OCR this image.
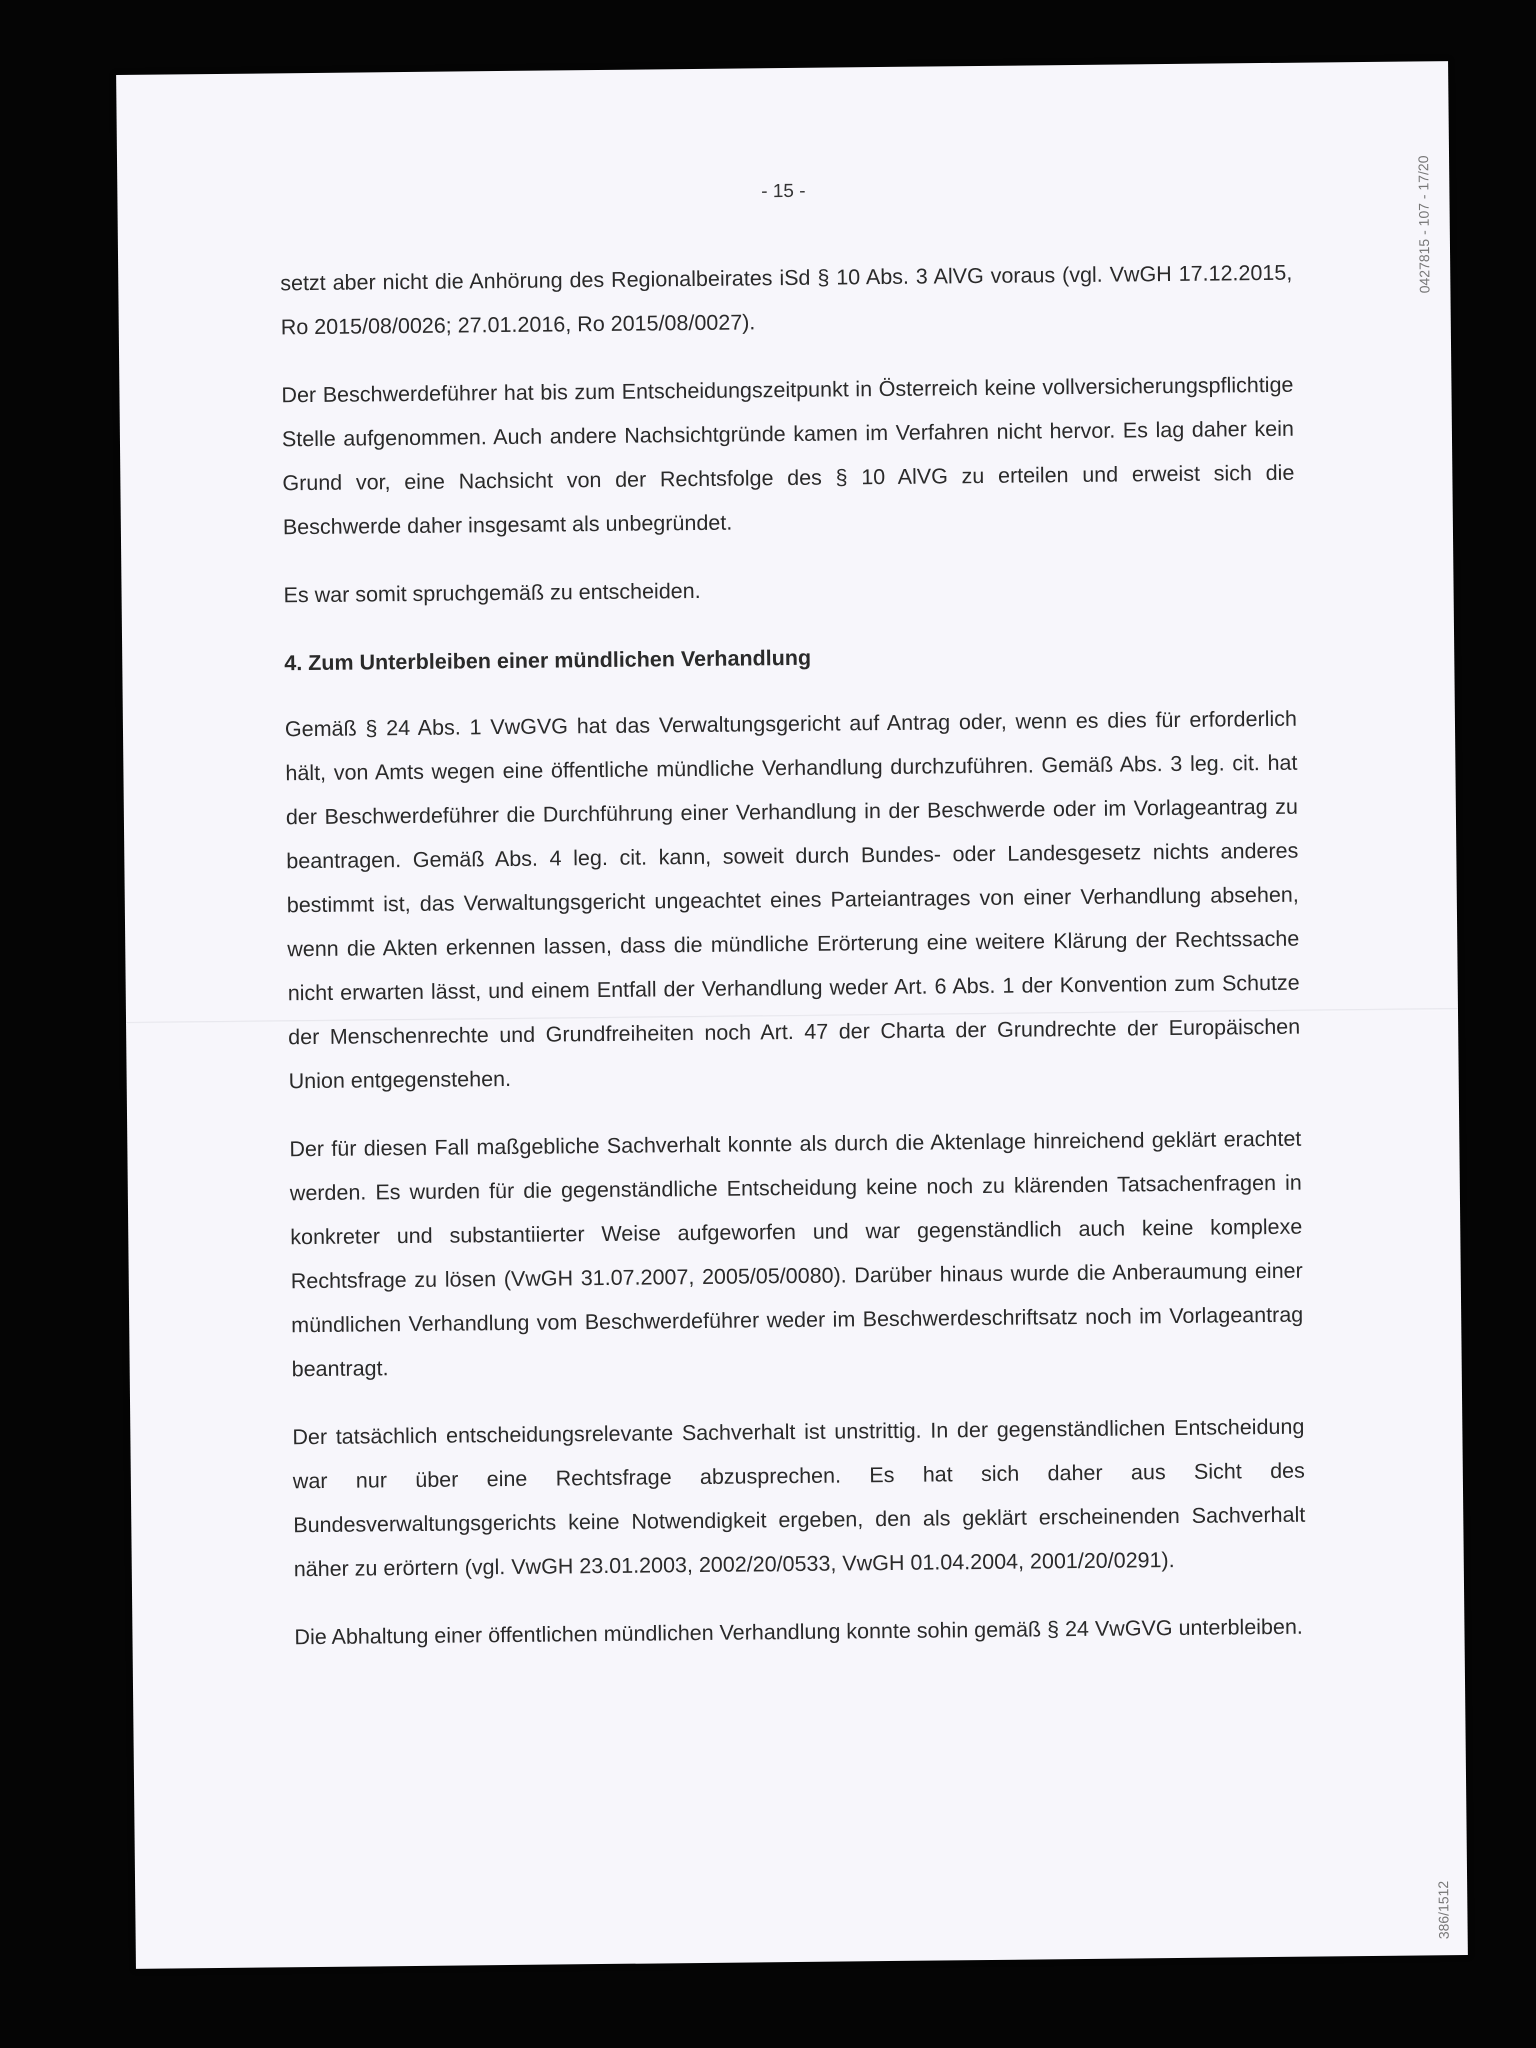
- 15 -	0427815 - 107 - 17/20
386/1512

setzt aber nicht die Anhörung des Regionalbeirates iSd § 10 Abs. 3 AlVG voraus (vgl. VwGH 17.12.2015, Ro 2015/08/0026; 27.01.2016, Ro 2015/08/0027).

Der Beschwerdeführer hat bis zum Entscheidungszeitpunkt in Österreich keine vollversicherungspflichtige Stelle aufgenommen. Auch andere Nachsichtgründe kamen im Verfahren nicht hervor. Es lag daher kein Grund vor, eine Nachsicht von der Rechtsfolge des § 10 AlVG zu erteilen und erweist sich die Beschwerde daher insgesamt als unbegründet.

Es war somit spruchgemäß zu entscheiden.

4. Zum Unterbleiben einer mündlichen Verhandlung

Gemäß § 24 Abs. 1 VwGVG hat das Verwaltungsgericht auf Antrag oder, wenn es dies für erforderlich hält, von Amts wegen eine öffentliche mündliche Verhandlung durchzuführen. Gemäß Abs. 3 leg. cit. hat der Beschwerdeführer die Durchführung einer Verhandlung in der Beschwerde oder im Vorlageantrag zu beantragen. Gemäß Abs. 4 leg. cit. kann, soweit durch Bundes- oder Landesgesetz nichts anderes bestimmt ist, das Verwaltungsgericht ungeachtet eines Parteiantrages von einer Verhandlung absehen, wenn die Akten erkennen lassen, dass die mündliche Erörterung eine weitere Klärung der Rechtssache nicht erwarten lässt, und einem Entfall der Verhandlung weder Art. 6 Abs. 1 der Konvention zum Schutze der Menschenrechte und Grundfreiheiten noch Art. 47 der Charta der Grundrechte der Europäischen Union entgegenstehen.

Der für diesen Fall maßgebliche Sachverhalt konnte als durch die Aktenlage hinreichend geklärt erachtet werden. Es wurden für die gegenständliche Entscheidung keine noch zu klärenden Tatsachenfragen in konkreter und substantiierter Weise aufgeworfen und war gegenständlich auch keine komplexe Rechtsfrage zu lösen (VwGH 31.07.2007, 2005/05/0080). Darüber hinaus wurde die Anberaumung einer mündlichen Verhandlung vom Beschwerdeführer weder im Beschwerdeschriftsatz noch im Vorlageantrag beantragt.

Der tatsächlich entscheidungsrelevante Sachverhalt ist unstrittig. In der gegenständlichen Entscheidung war nur über eine Rechtsfrage abzusprechen. Es hat sich daher aus Sicht des Bundesverwaltungsgerichts keine Notwendigkeit ergeben, den als geklärt erscheinenden Sachverhalt näher zu erörtern (vgl. VwGH 23.01.2003, 2002/20/0533, VwGH 01.04.2004, 2001/20/0291).

Die Abhaltung einer öffentlichen mündlichen Verhandlung konnte sohin gemäß § 24 VwGVG unterbleiben.
